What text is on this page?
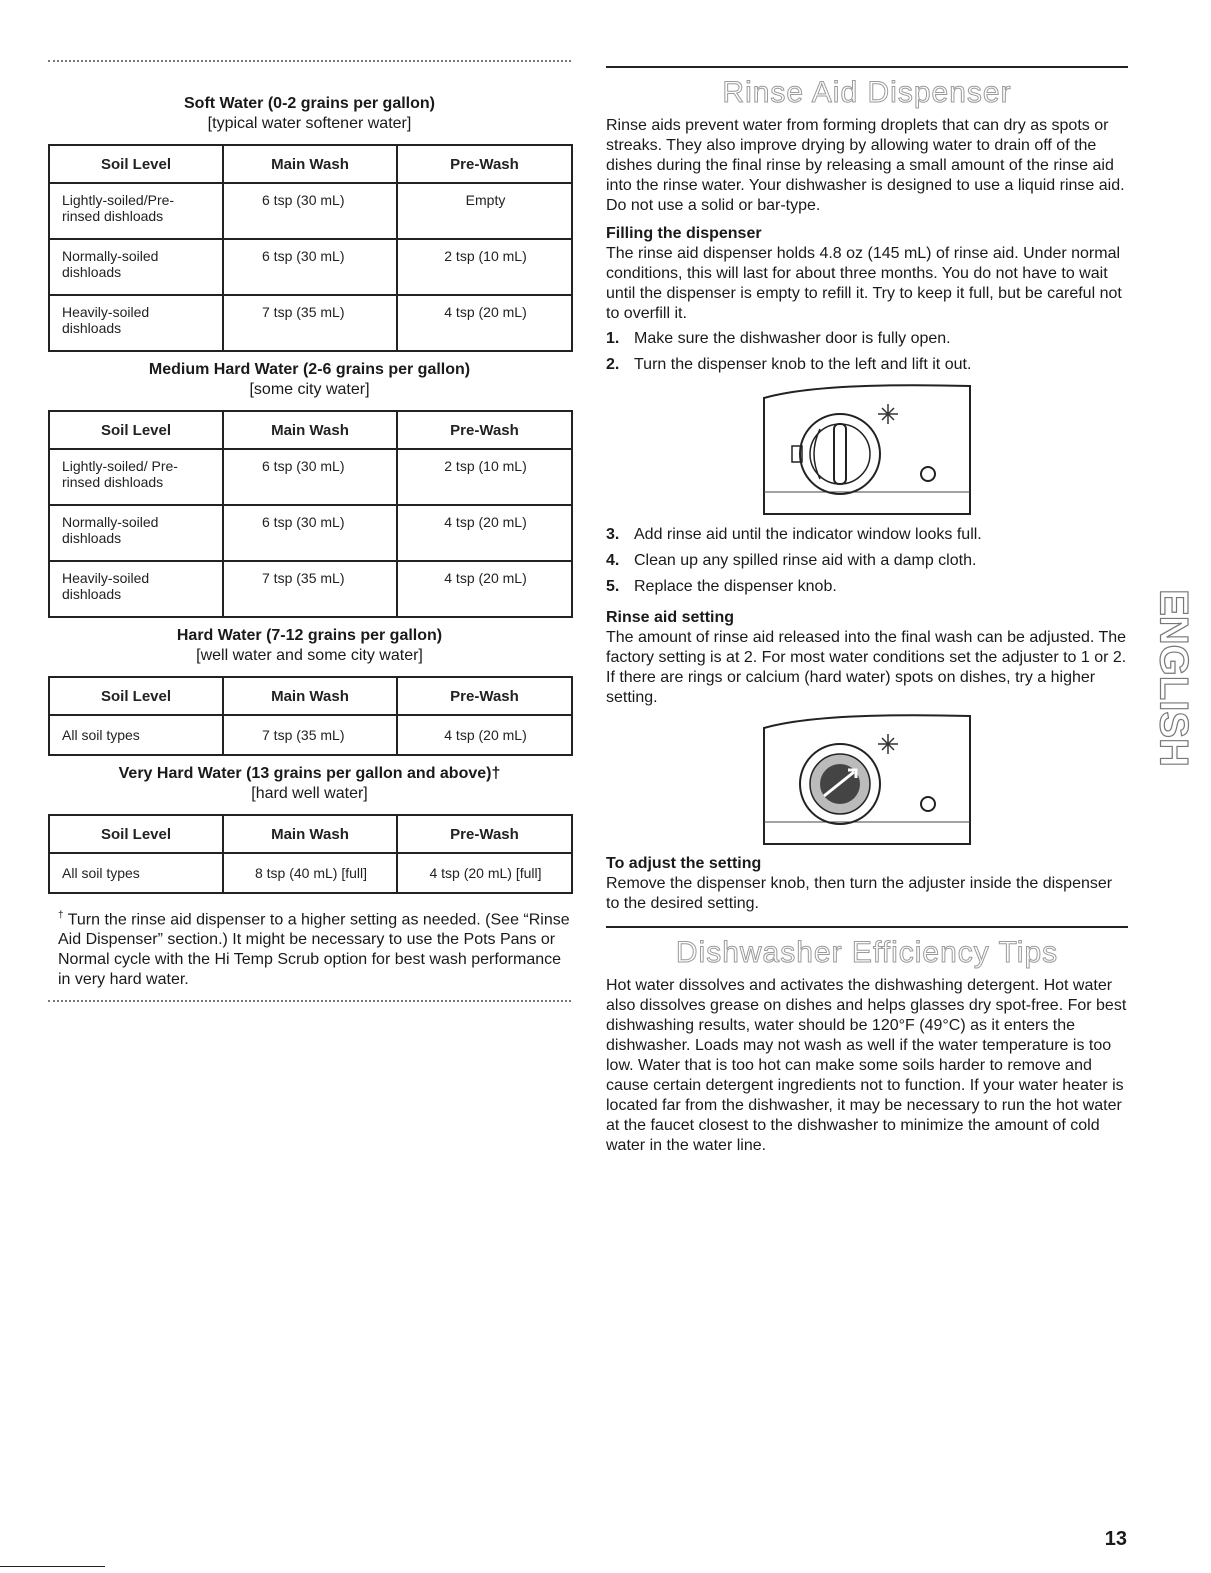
Soft Water (0-2 grains per gallon)
[typical water softener water]
Soil Level	Main Wash	Pre-Wash
Lightly-soiled/Pre-rinsed dishloads	6 tsp (30 mL)	Empty
Normally-soiled dishloads	6 tsp (30 mL)	2 tsp (10 mL)
Heavily-soiled dishloads	7 tsp (35 mL)	4 tsp (20 mL)
Medium Hard Water (2-6 grains per gallon)
[some city water]
Soil Level	Main Wash	Pre-Wash
Lightly-soiled/ Pre-rinsed dishloads	6 tsp (30 mL)	2 tsp (10 mL)
Normally-soiled dishloads	6 tsp (30 mL)	4 tsp (20 mL)
Heavily-soiled dishloads	7 tsp (35 mL)	4 tsp (20 mL)
Hard Water (7-12 grains per gallon)
[well water and some city water]
Soil Level	Main Wash	Pre-Wash
All soil types	7 tsp (35 mL)	4 tsp (20 mL)
Very Hard Water (13 grains per gallon and above)†
[hard well water]
Soil Level	Main Wash	Pre-Wash
All soil types	8 tsp (40 mL) [full]	4 tsp (20 mL) [full]
† Turn the rinse aid dispenser to a higher setting as needed. (See “Rinse Aid Dispenser” section.) It might be necessary to use the Pots Pans or Normal cycle with the Hi Temp Scrub option for best wash performance in very hard water.
Rinse Aid Dispenser

Rinse aids prevent water from forming droplets that can dry as spots or streaks. They also improve drying by allowing water to drain off of the dishes during the final rinse by releasing a small amount of the rinse aid into the rinse water. Your dishwasher is designed to use a liquid rinse aid. Do not use a solid or bar-type.

Filling the dispenser

The rinse aid dispenser holds 4.8 oz (145 mL) of rinse aid. Under normal conditions, this will last for about three months. You do not have to wait until the dispenser is empty to refill it. Try to keep it full, but be careful not to overfill it.

1. Make sure the dishwasher door is fully open.
2. Turn the dispenser knob to the left and lift it out.
3. Add rinse aid until the indicator window looks full.
4. Clean up any spilled rinse aid with a damp cloth.
5. Replace the dispenser knob.

Rinse aid setting

The amount of rinse aid released into the final wash can be adjusted. The factory setting is at 2. For most water conditions set the adjuster to 1 or 2. If there are rings or calcium (hard water) spots on dishes, try a higher setting.

To adjust the setting

Remove the dispenser knob, then turn the adjuster inside the dispenser to the desired setting.

Dishwasher Efficiency Tips

Hot water dissolves and activates the dishwashing detergent. Hot water also dissolves grease on dishes and helps glasses dry spot-free. For best dishwashing results, water should be 120°F (49°C) as it enters the dishwasher. Loads may not wash as well if the water temperature is too low. Water that is too hot can make some soils harder to remove and cause certain detergent ingredients not to function. If your water heater is located far from the dishwasher, it may be necessary to run the hot water at the faucet closest to the dishwasher to minimize the amount of cold water in the water line.

ENGLISH
13
